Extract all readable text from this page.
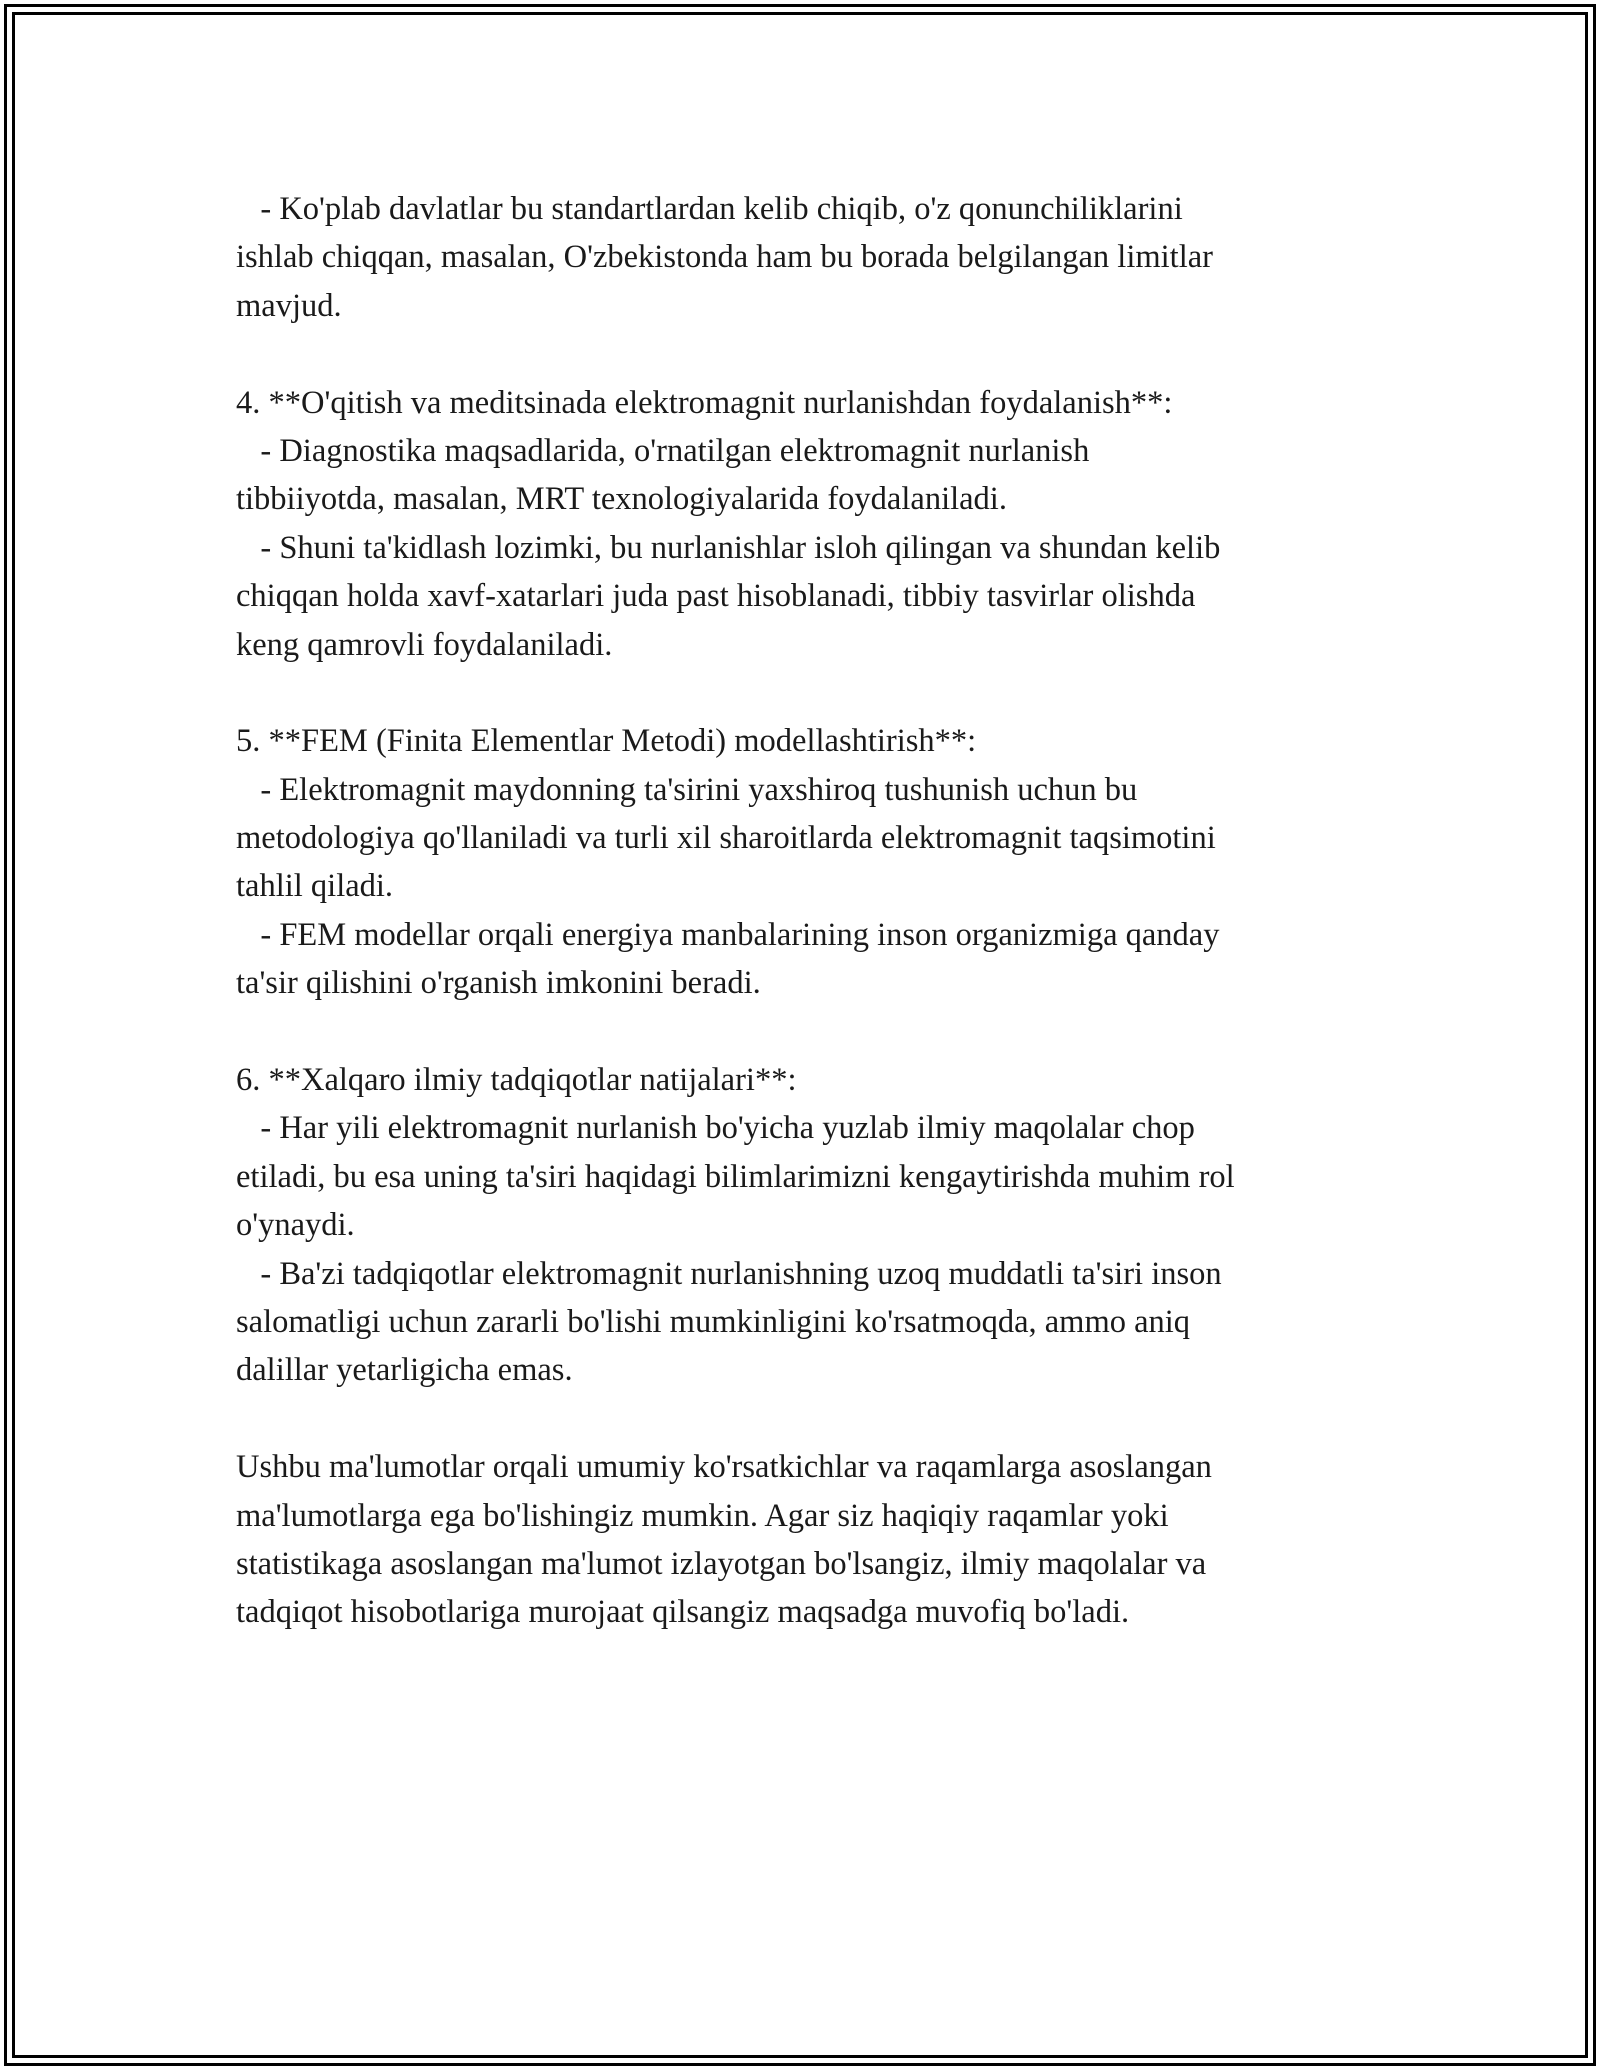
- Ko'plab davlatlar bu standartlardan kelib chiqib, o'z qonunchiliklarini
ishlab chiqqan, masalan, O'zbekistonda ham bu borada belgilangan limitlar
mavjud.
4. **O'qitish va meditsinada elektromagnit nurlanishdan foydalanish**:
- Diagnostika maqsadlarida, o'rnatilgan elektromagnit nurlanish
tibbiiyotda, masalan, MRT texnologiyalarida foydalaniladi.
- Shuni ta'kidlash lozimki, bu nurlanishlar isloh qilingan va shundan kelib
chiqqan holda xavf-xatarlari juda past hisoblanadi, tibbiy tasvirlar olishda
keng qamrovli foydalaniladi.
5. **FEM (Finita Elementlar Metodi) modellashtirish**:
- Elektromagnit maydonning ta'sirini yaxshiroq tushunish uchun bu
metodologiya qo'llaniladi va turli xil sharoitlarda elektromagnit taqsimotini
tahlil qiladi.
- FEM modellar orqali energiya manbalarining inson organizmiga qanday
ta'sir qilishini o'rganish imkonini beradi.
6. **Xalqaro ilmiy tadqiqotlar natijalari**:
- Har yili elektromagnit nurlanish bo'yicha yuzlab ilmiy maqolalar chop
etiladi, bu esa uning ta'siri haqidagi bilimlarimizni kengaytirishda muhim rol
o'ynaydi.
- Ba'zi tadqiqotlar elektromagnit nurlanishning uzoq muddatli ta'siri inson
salomatligi uchun zararli bo'lishi mumkinligini ko'rsatmoqda, ammo aniq
dalillar yetarligicha emas.
Ushbu ma'lumotlar orqali umumiy ko'rsatkichlar va raqamlarga asoslangan
ma'lumotlarga ega bo'lishingiz mumkin. Agar siz haqiqiy raqamlar yoki
statistikaga asoslangan ma'lumot izlayotgan bo'lsangiz, ilmiy maqolalar va
tadqiqot hisobotlariga murojaat qilsangiz maqsadga muvofiq bo'ladi.
